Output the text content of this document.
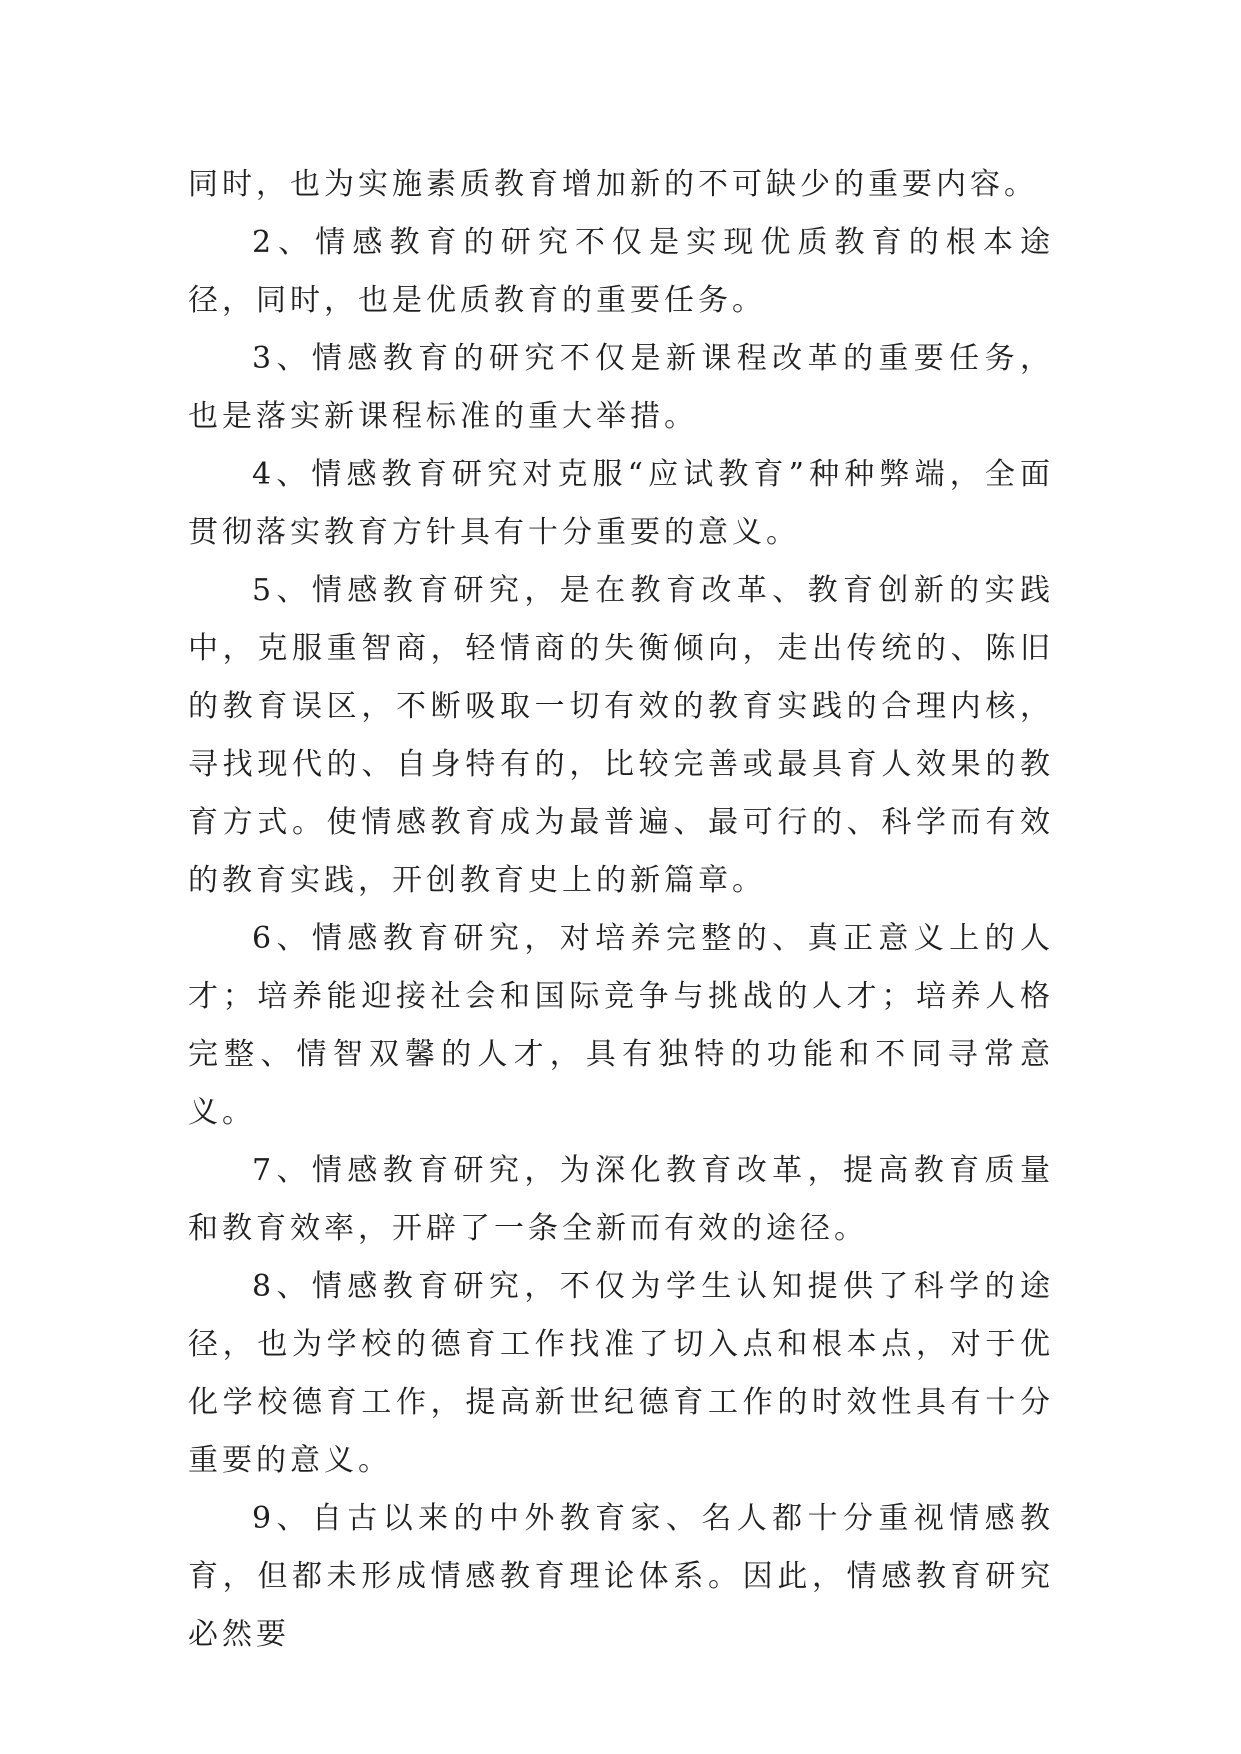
同时，也为实施素质教育增加新的不可缺少的重要内容。

2、情感教育的研究不仅是实现优质教育的根本途径，同时，也是优质教育的重要任务。

3、情感教育的研究不仅是新课程改革的重要任务，也是落实新课程标准的重大举措。

4、情感教育研究对克服“应试教育”种种弊端，全面贯彻落实教育方针具有十分重要的意义。

5、情感教育研究，是在教育改革、教育创新的实践中，克服重智商，轻情商的失衡倾向，走出传统的、陈旧的教育误区，不断吸取一切有效的教育实践的合理内核，寻找现代的、自身特有的，比较完善或最具育人效果的教育方式。使情感教育成为最普遍、最可行的、科学而有效的教育实践，开创教育史上的新篇章。

6、情感教育研究，对培养完整的、真正意义上的人才；培养能迎接社会和国际竞争与挑战的人才；培养人格完整、情智双馨的人才，具有独特的功能和不同寻常意义。

7、情感教育研究，为深化教育改革，提高教育质量和教育效率，开辟了一条全新而有效的途径。

8、情感教育研究，不仅为学生认知提供了科学的途径，也为学校的德育工作找准了切入点和根本点，对于优化学校德育工作，提高新世纪德育工作的时效性具有十分重要的意义。

9、自古以来的中外教育家、名人都十分重视情感教育，但都未形成情感教育理论体系。因此，情感教育研究必然要
